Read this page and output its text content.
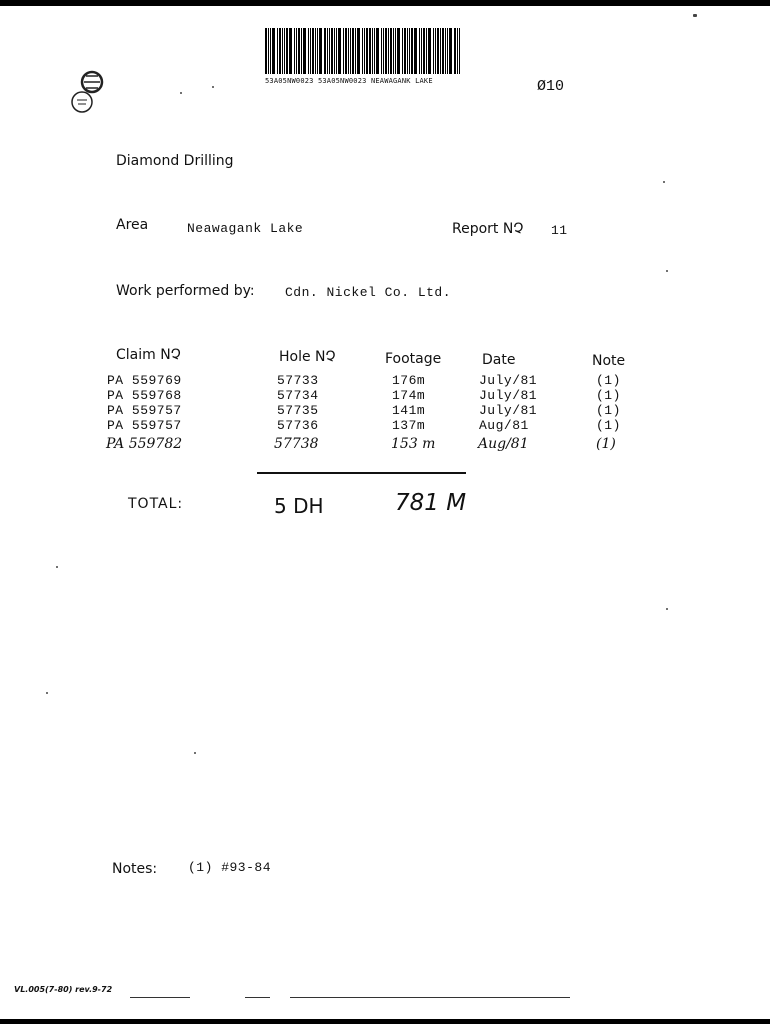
53A05NW0023 53A05NW0023 NEAWAGANK LAKE	Ø10
Diamond Drilling
Area	Neawagank Lake	Report NՉ 11
Work performed by: Cdn. Nickel Co. Ltd.
Claim NՉ	Hole NՉ	Footage	Date	Note
PA 559769	57733	176m	July/81	(1)
PA 559768	57734	174m	July/81	(1)
PA 559757	57735	141m	July/81	(1)
PA 559757	57736	137m	Aug/81	(1)
PA 559782	57738	153 m	Aug/81	(1)
TOTAL:	5 DH	781 M
Notes: (1) #93-84
VL.005(7-80) rev.9-72
